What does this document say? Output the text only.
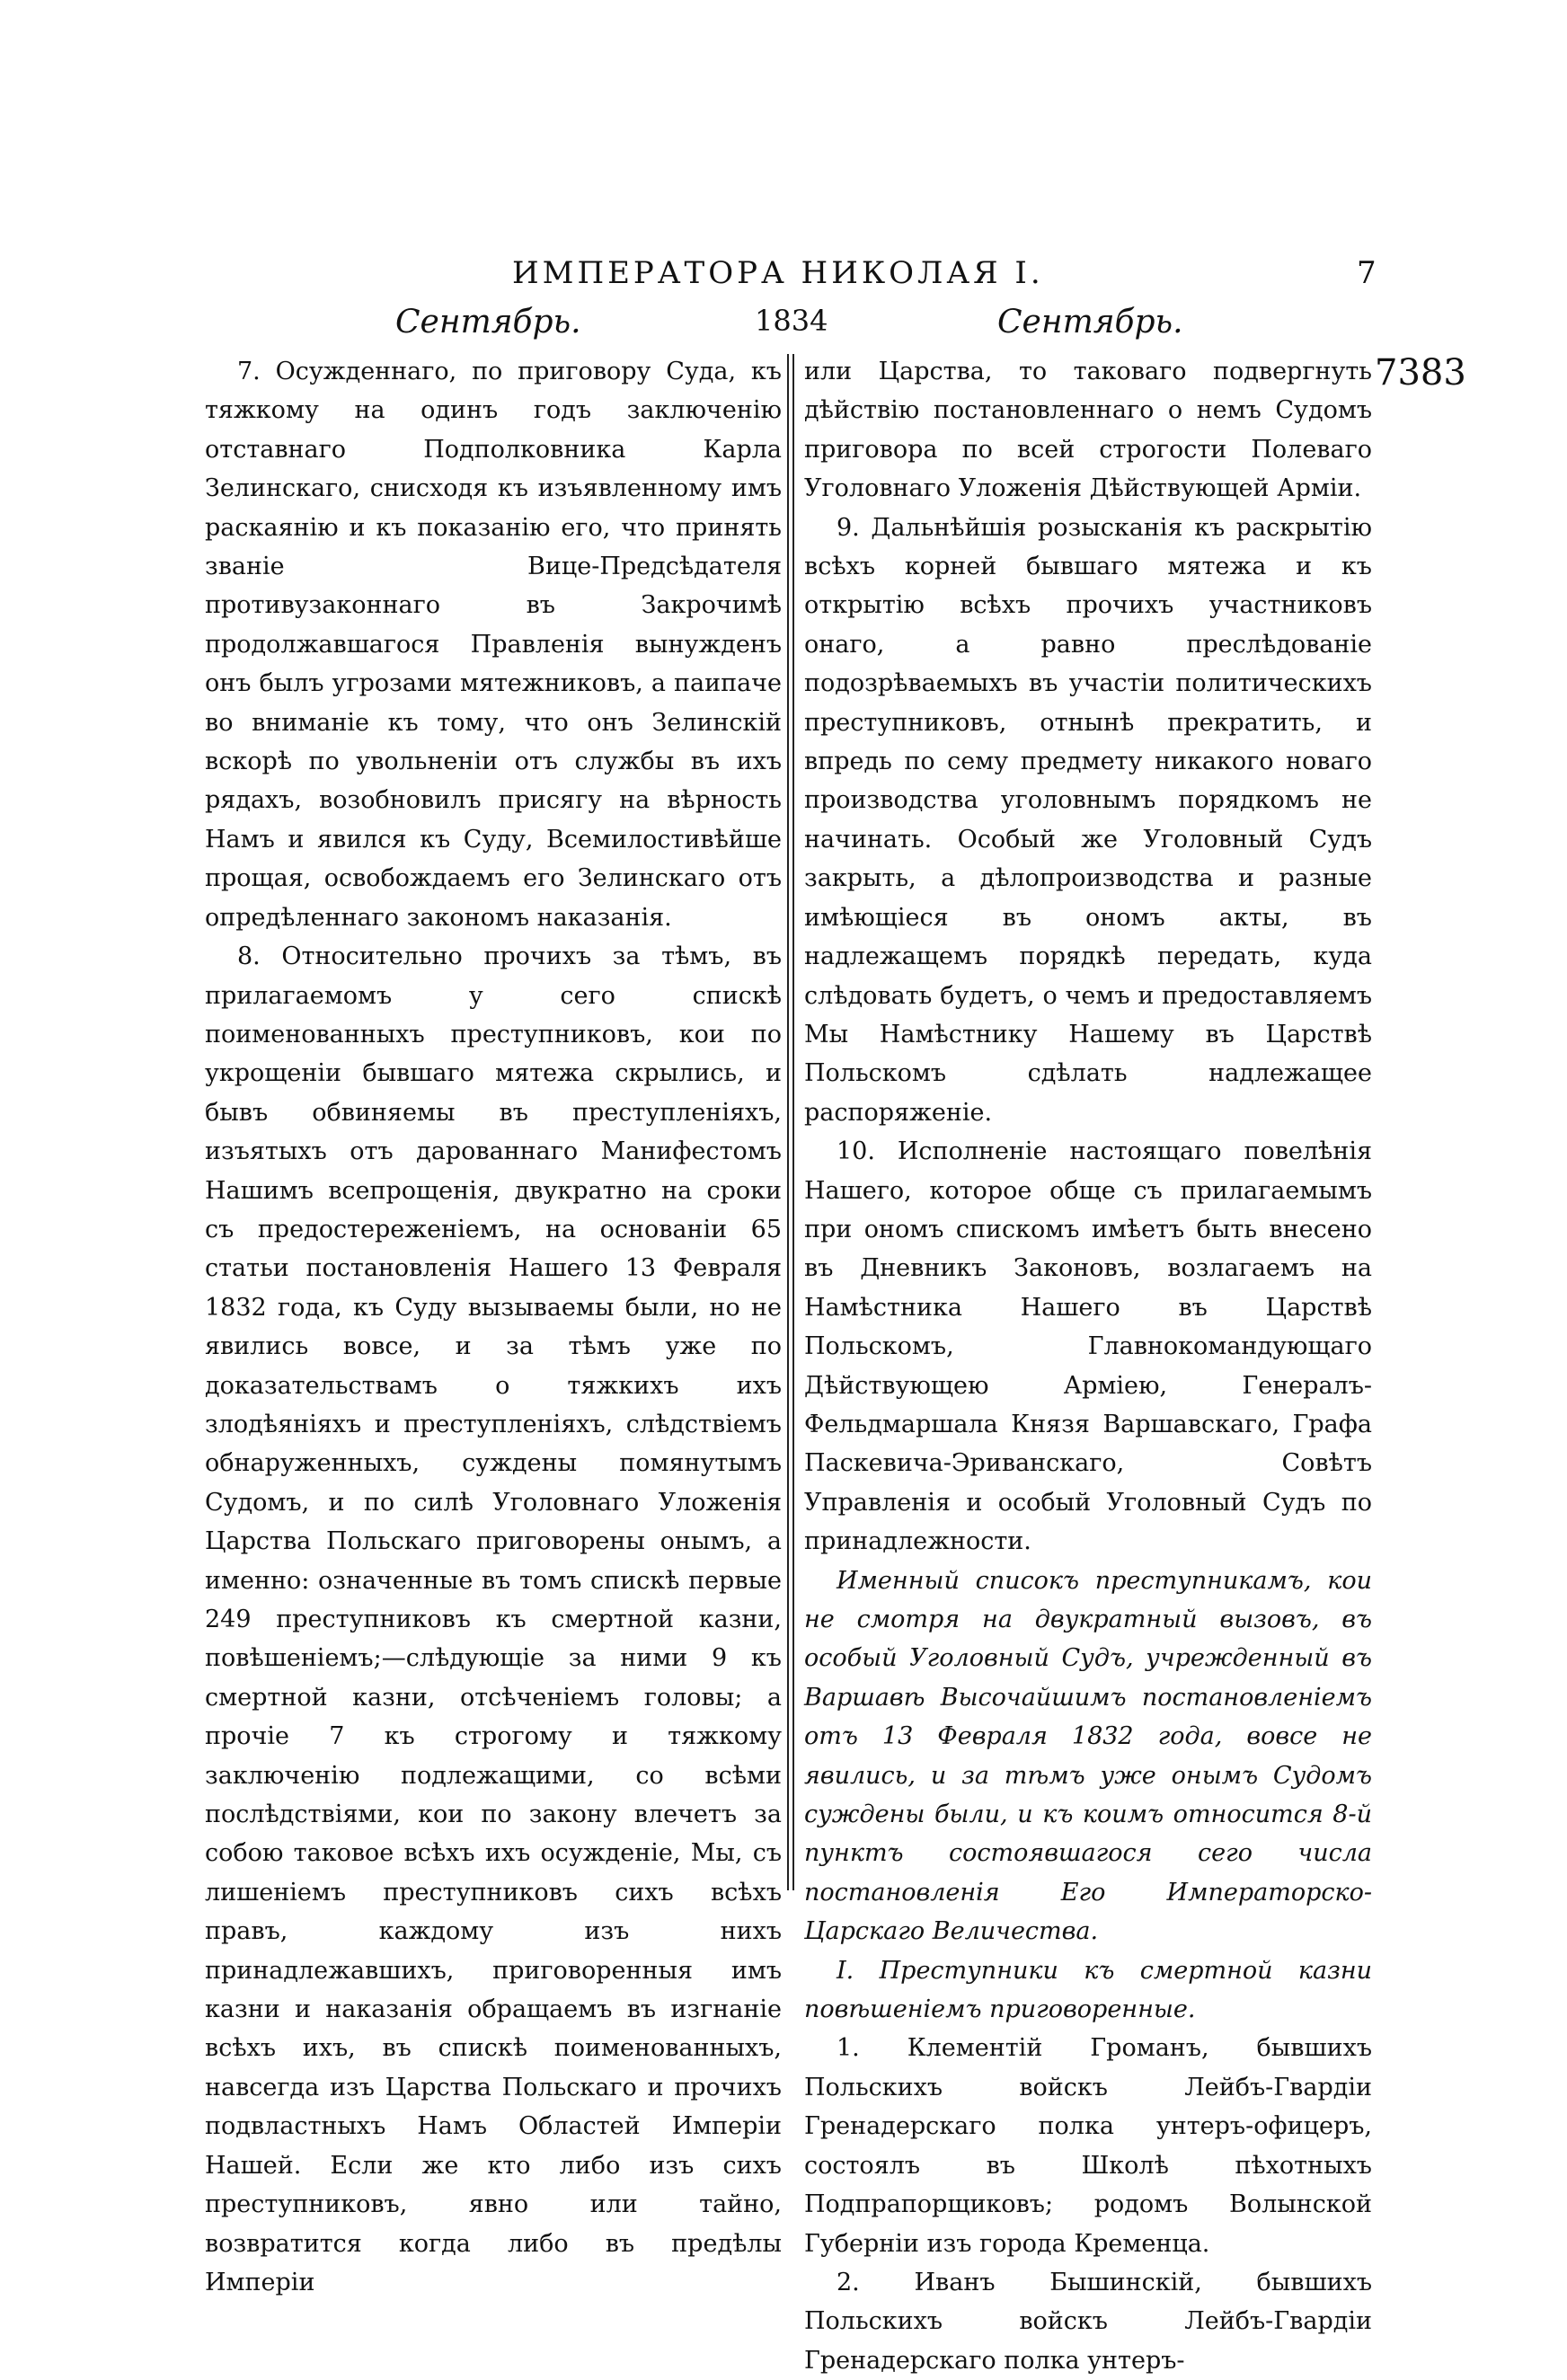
ИМПЕРАТОРА НИКОЛАЯ I.	7
Сентябрь.	1834	Сентябрь.
7383

7. Осужденнаго, по приговору Суда, къ тяжкому на одинъ годъ заключенію отставнаго Подполковника Карла Зелинскаго, снисходя къ изъявленному имъ раскаянію и къ показанію его, что принять званіе Вице-Предсѣдателя противузаконнаго въ Закрочимѣ продолжавшагося Правленія вынужденъ онъ былъ угрозами мятежниковъ, а паипаче во вниманіе къ тому, что онъ Зелинскій вскорѣ по увольненіи отъ службы въ ихъ рядахъ, возобновилъ присягу на вѣрность Намъ и явился къ Суду, Всемилостивѣйше прощая, освобождаемъ его Зелинскаго отъ опредѣленнаго закономъ наказанія.

8. Относительно прочихъ за тѣмъ, въ прилагаемомъ у сего спискѣ поименованныхъ преступниковъ, кои по укрощеніи бывшаго мятежа скрылись, и бывъ обвиняемы въ преступленіяхъ, изъятыхъ отъ дарованнаго Манифестомъ Нашимъ всепрощенія, двукратно на сроки съ предостереженіемъ, на основаніи 65 статьи постановленія Нашего 13 Февраля 1832 года, къ Суду вызываемы были, но не явились вовсе, и за тѣмъ уже по доказательствамъ о тяжкихъ ихъ злодѣяніяхъ и преступленіяхъ, слѣдствіемъ обнаруженныхъ, суждены помянутымъ Судомъ, и по силѣ Уголовнаго Уложенія Царства Польскаго приговорены онымъ, а именно: означенные въ томъ спискѣ первые 249 преступниковъ къ смертной казни, повѣшеніемъ;—слѣдующіе за ними 9 къ смертной казни, отсѣченіемъ головы; а прочіе 7 къ строгому и тяжкому заключенію подлежащими, со всѣми послѣдствіями, кои по закону влечетъ за собою таковое всѣхъ ихъ осужденіе, Мы, съ лишеніемъ преступниковъ сихъ всѣхъ правъ, каждому изъ нихъ принадлежавшихъ, приговоренныя имъ казни и наказанія обращаемъ въ изгнаніе всѣхъ ихъ, въ спискѣ поименованныхъ, навсегда изъ Царства Польскаго и прочихъ подвластныхъ Намъ Областей Имперіи Нашей. Если же кто либо изъ сихъ преступниковъ, явно или тайно, возвратится когда либо въ предѣлы Имперіи

или Царства, то таковаго подвергнуть дѣйствію постановленнаго о немъ Судомъ приговора по всей строгости Полеваго Уголовнаго Уложенія Дѣйствующей Арміи.

9. Дальнѣйшія розысканія къ раскрытію всѣхъ корней бывшаго мятежа и къ открытію всѣхъ прочихъ участниковъ онаго, а равно преслѣдованіе подозрѣваемыхъ въ участіи политическихъ преступниковъ, отнынѣ прекратить, и впредь по сему предмету никакого новаго производства уголовнымъ порядкомъ не начинать. Особый же Уголовный Судъ закрыть, а дѣлопроизводства и разные имѣющіеся въ ономъ акты, въ надлежащемъ порядкѣ передать, куда слѣдовать будетъ, о чемъ и предоставляемъ Мы Намѣстнику Нашему въ Царствѣ Польскомъ сдѣлать надлежащее распоряженіе.

10. Исполненіе настоящаго повелѣнія Нашего, которое обще съ прилагаемымъ при ономъ спискомъ имѣетъ быть внесено въ Дневникъ Законовъ, возлагаемъ на Намѣстника Нашего въ Царствѣ Польскомъ, Главнокомандующаго Дѣйствующею Арміею, Генералъ-Фельдмаршала Князя Варшавскаго, Графа Паскевича-Эриванскаго, Совѣтъ Управленія и особый Уголовный Судъ по принадлежности.

Именный списокъ преступникамъ, кои не смотря на двукратный вызовъ, въ особый Уголовный Судъ, учрежденный въ Варшавѣ Высочайшимъ постановленіемъ отъ 13 Февраля 1832 года, вовсе не явились, и за тѣмъ уже онымъ Судомъ суждены были, и къ коимъ относится 8-й пунктъ состоявшагося сего числа постановленія Его Императорско-Царскаго Величества.

I. Преступники къ смертной казни повѣшеніемъ приговоренные.

1. Клементій Громанъ, бывшихъ Польскихъ войскъ Лейбъ-Гвардіи Гренадерскаго полка унтеръ-офицеръ, состоялъ въ Школѣ пѣхотныхъ Подпрапорщиковъ; родомъ Волынской Губерніи изъ города Кременца.

2. Иванъ Бышинскій, бывшихъ Польскихъ войскъ Лейбъ-Гвардіи Гренадерскаго полка унтеръ-
